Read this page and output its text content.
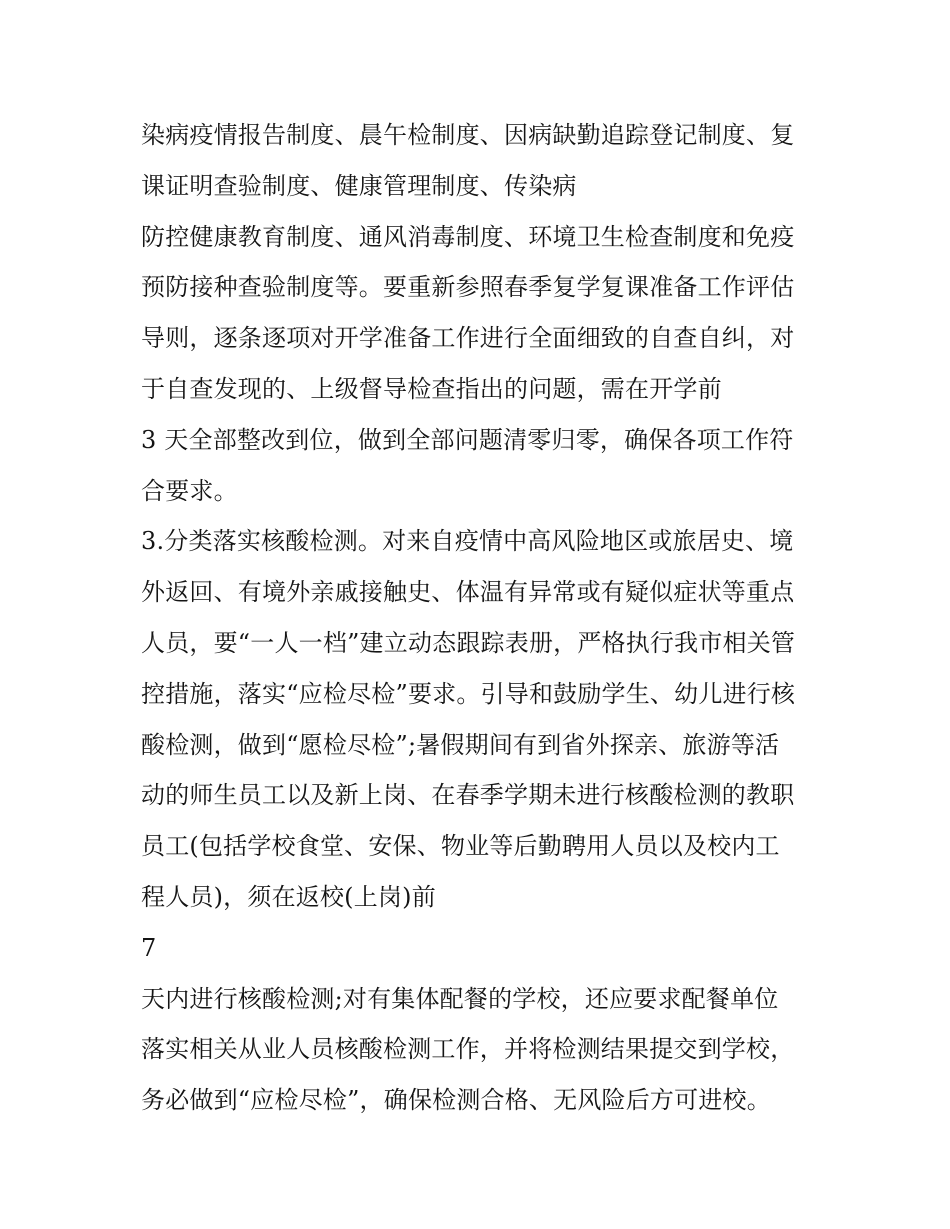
染病疫情报告制度、晨午检制度、因病缺勤追踪登记制度、复
课证明查验制度、健康管理制度、传染病
防控健康教育制度、通风消毒制度、环境卫生检查制度和免疫
预防接种查验制度等。要重新参照春季复学复课准备工作评估
导则，逐条逐项对开学准备工作进行全面细致的自查自纠，对
于自查发现的、上级督导检查指出的问题，需在开学前
3 天全部整改到位，做到全部问题清零归零，确保各项工作符
合要求。
3.分类落实核酸检测。对来自疫情中高风险地区或旅居史、境
外返回、有境外亲戚接触史、体温有异常或有疑似症状等重点
人员，要“一人一档”建立动态跟踪表册，严格执行我市相关管
控措施，落实“应检尽检”要求。引导和鼓励学生、幼儿进行核
酸检测，做到“愿检尽检”;暑假期间有到省外探亲、旅游等活
动的师生员工以及新上岗、在春季学期未进行核酸检测的教职
员工(包括学校食堂、安保、物业等后勤聘用人员以及校内工
程人员)，须在返校(上岗)前
7
天内进行核酸检测;对有集体配餐的学校，还应要求配餐单位
落实相关从业人员核酸检测工作，并将检测结果提交到学校，
务必做到“应检尽检”，确保检测合格、无风险后方可进校。
